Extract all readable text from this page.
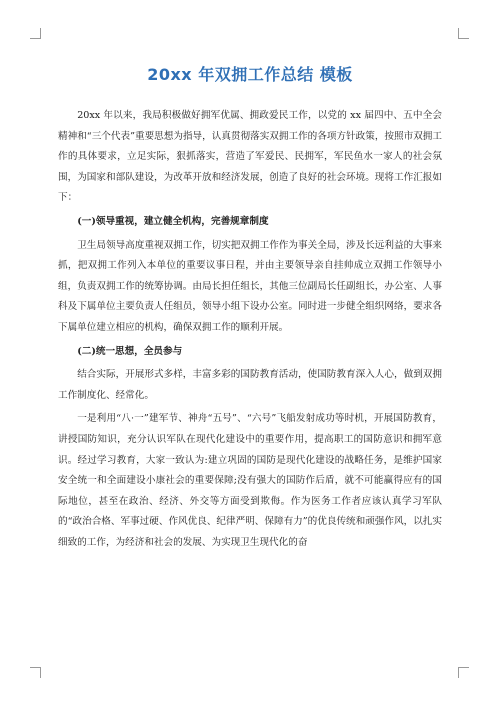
20xx 年双拥工作总结 模板

20xx 年以来，我局积极做好拥军优属、拥政爱民工作，以党的 xx 届四中、五中全会精神和“三个代表”重要思想为指导，认真贯彻落实双拥工作的各项方针政策，按照市双拥工作的具体要求，立足实际，狠抓落实，营造了军爱民、民拥军，军民鱼水一家人的社会氛围，为国家和部队建设，为改革开放和经济发展，创造了良好的社会环境。现将工作汇报如下：

(一)领导重视，建立健全机构，完善规章制度

卫生局领导高度重视双拥工作，切实把双拥工作作为事关全局，涉及长远利益的大事来抓，把双拥工作列入本单位的重要议事日程，并由主要领导亲自挂帅成立双拥工作领导小组，负责双拥工作的统筹协调。由局长担任组长，其他三位副局长任副组长，办公室、人事科及下属单位主要负责人任组员，领导小组下设办公室。同时进一步健全组织网络，要求各下属单位建立相应的机构，确保双拥工作的顺利开展。

(二)统一思想，全员参与

结合实际，开展形式多样，丰富多彩的国防教育活动，使国防教育深入人心，做到双拥工作制度化、经常化。

一是利用“八·一”建军节、神舟“五号”、“六号”飞船发射成功等时机，开展国防教育，讲授国防知识，充分认识军队在现代化建设中的重要作用，提高职工的国防意识和拥军意识。经过学习教育，大家一致认为:建立巩固的国防是现代化建设的战略任务，是维护国家安全统一和全面建设小康社会的重要保障;没有强大的国防作后盾，就不可能赢得应有的国际地位，甚至在政治、经济、外交等方面受到欺侮。作为医务工作者应该认真学习军队的“政治合格、军事过硬、作风优良、纪律严明、保障有力”的优良传统和顽强作风，以扎实细致的工作，为经济和社会的发展、为实现卫生现代化的奋
